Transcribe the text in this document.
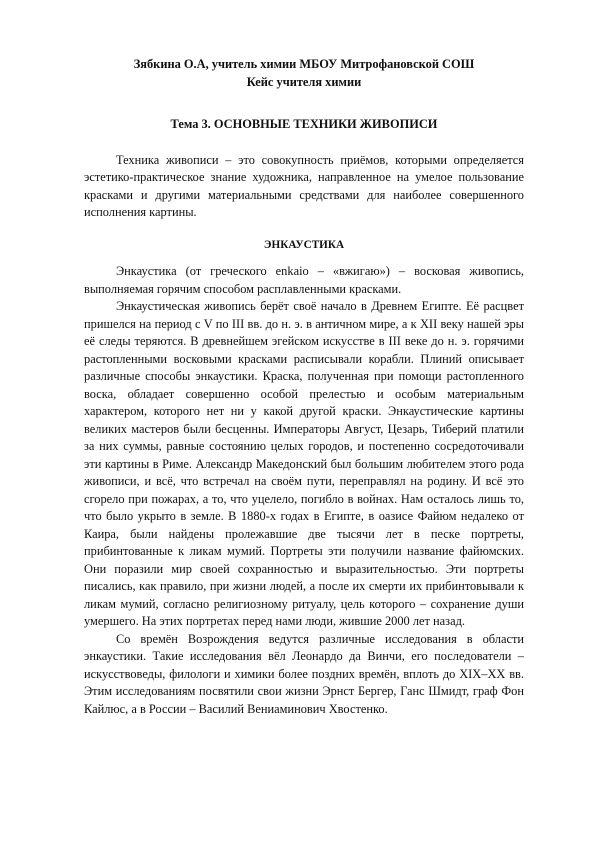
Зябкина О.А, учитель химии МБОУ Митрофановской СОШ

Кейс учителя химии

Тема 3. ОСНОВНЫЕ ТЕХНИКИ ЖИВОПИСИ

Техника живописи – это совокупность приёмов, которыми определяется эстетико-практическое знание художника, направленное на умелое пользование красками и другими материальными средствами для наиболее совершенного исполнения картины.

ЭНКАУСТИКА

Энкаустика (от греческого enkaio – «вжигаю») – восковая живопись, выполняемая горячим способом расплавленными красками.

Энкаустическая живопись берёт своё начало в Древнем Египте. Её расцвет пришелся на период с V по III вв. до н. э. в античном мире, а к XII веку нашей эры её следы теряются. В древнейшем эгейском искусстве в III веке до н. э. горячими растопленными восковыми красками расписывали корабли. Плиний описывает различные способы энкаустики. Краска, полученная при помощи растопленного воска, обладает совершенно особой прелестью и особым материальным характером, которого нет ни у какой другой краски. Энкаустические картины великих мастеров были бесценны. Императоры Август, Цезарь, Тиберий платили за них суммы, равные состоянию целых городов, и постепенно сосредоточивали эти картины в Риме. Александр Македонский был большим любителем этого рода живописи, и всё, что встречал на своём пути, переправлял на родину. И всё это сгорело при пожарах, а то, что уцелело, погибло в войнах. Нам осталось лишь то, что было укрыто в земле. В 1880-х годах в Египте, в оазисе Файюм недалеко от Каира, были найдены пролежавшие две тысячи лет в песке портреты, прибинтованные к ликам мумий. Портреты эти получили название файюмских. Они поразили мир своей сохранностью и выразительностью. Эти портреты писались, как правило, при жизни людей, а после их смерти их прибинтовывали к ликам мумий, согласно религиозному ритуалу, цель которого – сохранение души умершего. На этих портретах перед нами люди, жившие 2000 лет назад.

Со времён Возрождения ведутся различные исследования в области энкаустики. Такие исследования вёл Леонардо да Винчи, его последователи – искусствоведы, филологи и химики более поздних времён, вплоть до XIX–XX вв. Этим исследованиям посвятили свои жизни Эрнст Бергер, Ганс Шмидт, граф Фон Кайлюс, а в России – Василий Вениаминович Хвостенко.
